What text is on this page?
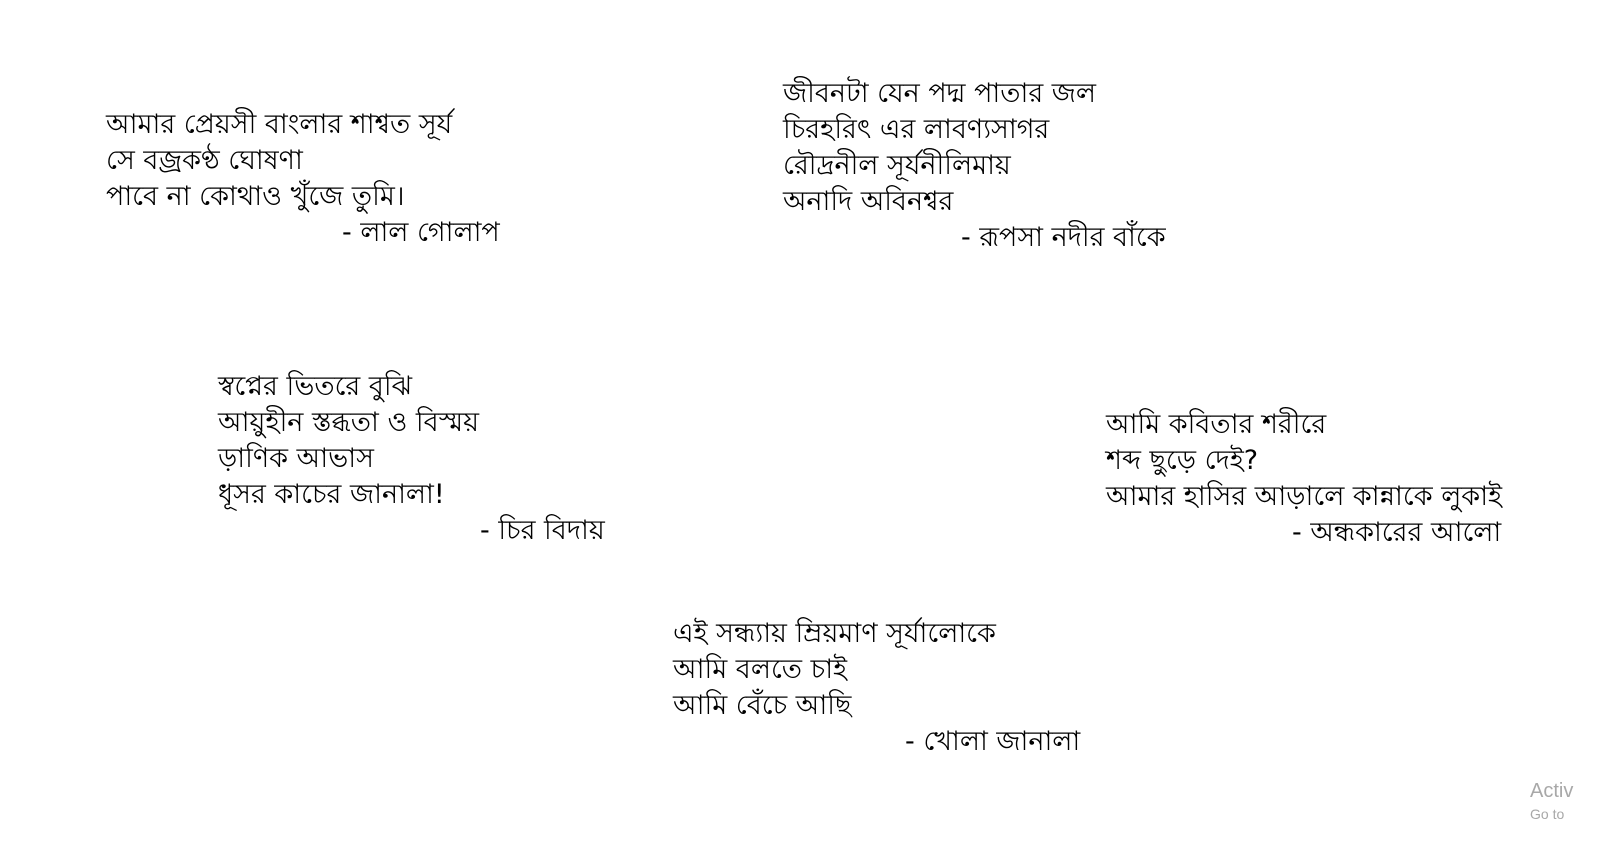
আমার প্রেয়সী বাংলার শাশ্বত সূর্য
সে বজ্রকণ্ঠ ঘোষণা
পাবে না কোথাও খুঁজে তুমি।
- লাল গোলাপ
জীবনটা যেন পদ্ম পাতার জল
চিরহরিৎ এর লাবণ্যসাগর
রৌদ্রনীল সূর্যনীলিমায়
অনাদি অবিনশ্বর
- রূপসা নদীর বাঁকে
স্বপ্নের ভিতরে বুঝি
আয়ুহীন স্তব্ধতা ও বিস্ময়
ড়াণিক আভাস
ধূসর কাচের জানালা!
- চির বিদায়
আমি কবিতার শরীরে
শব্দ ছুড়ে দেই?
আমার হাসির আড়ালে কান্নাকে লুকাই
- অন্ধকারের আলো
এই সন্ধ্যায় ম্রিয়মাণ সূর্যালোকে
আমি বলতে চাই
আমি বেঁচে আছি
- খোলা জানালা
Activ
Go to
